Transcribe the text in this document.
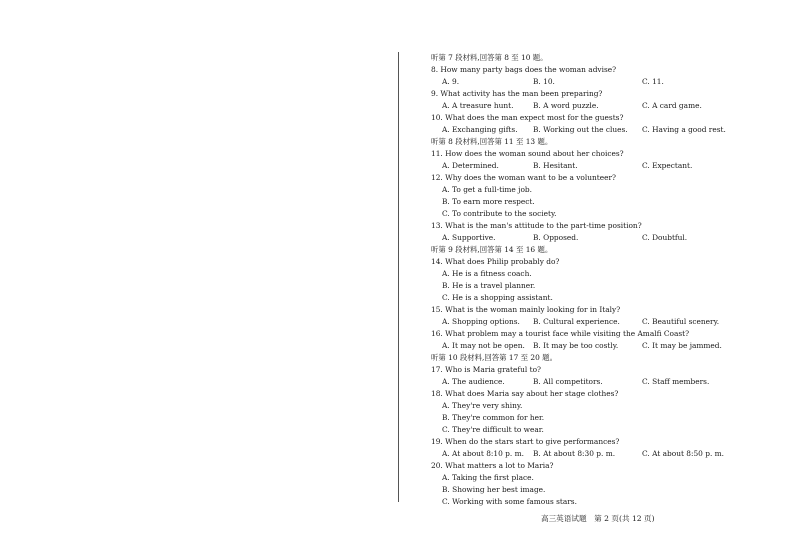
听第 7 段材料,回答第 8 至 10 题。
8. How many party bags does the woman advise?
A. 9.	B. 10.	C. 11.
9. What activity has the man been preparing?
A. A treasure hunt.	B. A word puzzle.	C. A card game.
10. What does the man expect most for the guests?
A. Exchanging gifts. B. Working out the clues. C. Having a good rest.
听第 8 段材料,回答第 11 至 13 题。
11. How does the woman sound about her choices?
A. Determined.	B. Hesitant.	C. Expectant.
12. Why does the woman want to be a volunteer?
A. To get a full-time job.
B. To earn more respect.
C. To contribute to the society.
13. What is the man's attitude to the part-time position?
A. Supportive.	B. Opposed.	C. Doubtful.
听第 9 段材料,回答第 14 至 16 题。
14. What does Philip probably do?
A. He is a fitness coach.
B. He is a travel planner.
C. He is a shopping assistant.
15. What is the woman mainly looking for in Italy?
A. Shopping options. B. Cultural experience.	C. Beautiful scenery.
16. What problem may a tourist face while visiting the Amalfi Coast?
A. It may not be open. B. It may be too costly.	C. It may be jammed.
听第 10 段材料,回答第 17 至 20 题。
17. Who is Maria grateful to?
A. The audience.	B. All competitors.	C. Staff members.
18. What does Maria say about her stage clothes?
A. They're very shiny.
B. They're common for her.
C. They're difficult to wear.
19. When do the stars start to give performances?
A. At about 8:10 p. m. B. At about 8:30 p. m.	C. At about 8:50 p. m.
20. What matters a lot to Maria?
A. Taking the first place.
B. Showing her best image.
C. Working with some famous stars.
高三英语试题　第 2 页(共 12 页)
